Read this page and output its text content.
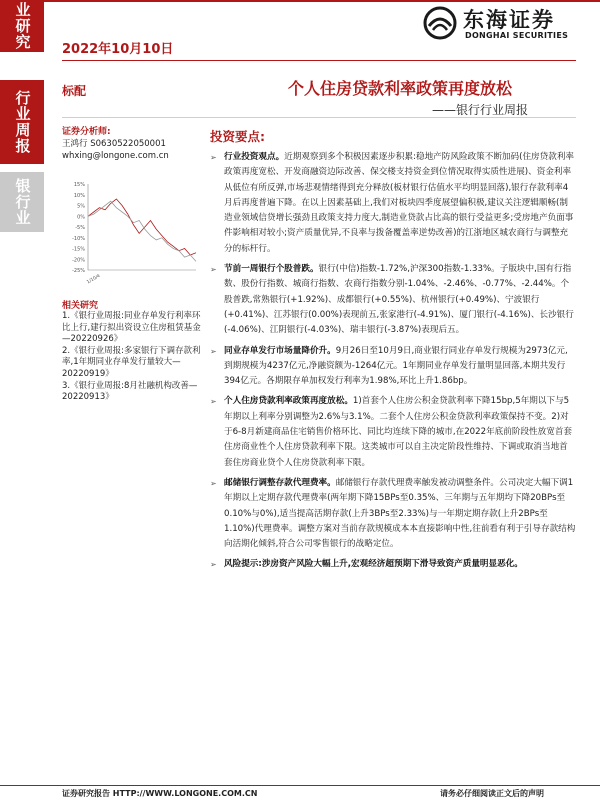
业研究
行业周报
银行业
2022年10月10日
东海证券
DONGHAI SECURITIES
标配	个人住房贷款利率政策再度放松
——银行行业周报
证券分析师:
王鸿行 S0630522050001
whxing@longone.com.cn
15%
10%
5%
0%
-5%
-10%
-15%
-20%
-25%
1/10/4
相关研究
1.《银行业周报:同业存单发行利率环比上行,建行拟出资设立住房租赁基金—20220926》
2.《银行业周报:多家银行下调存款利率,1年期同业存单发行量较大—20220919》
3.《银行业周报:8月社融机构改善—20220913》
投资要点:
➢ 行业投资观点。近期观察到多个积极因素逐步积累:稳地产防风险政策不断加码(住房贷款利率政策再度宽松、开发商融资边际改善、保交楼支持资金到位情况取得实质性进展)、资金利率从低位有所反弹,市场悲观情绪得到充分释放(板材银行估值水平均明显回落),银行存款利率4月后再度普遍下降。在以上因素基础上,我们对板块四季度展望偏积极,建议关注逻辑顺畅(制造业领域信贷增长强劲且政策支持力度大,制造业贷款占比高的银行受益更多;受房地产负面事件影响相对较小;资产质量优异,不良率与拨备覆盖率逆势改善)的江浙地区城农商行与调整充分的标杆行。
➢ 节前一周银行个股普跌。银行(中信)指数-1.72%,沪深300指数-1.33%。子版块中,国有行指数、股份行指数、城商行指数、农商行指数分别-1.04%、-2.46%、-0.77%、-2.44%。个股普跌,常熟银行(+1.92%)、成都银行(+0.55%)、杭州银行(+0.49%)、宁波银行(+0.41%)、江苏银行(0.00%)表现前五,张家港行(-4.91%)、厦门银行(-4.16%)、长沙银行(-4.06%)、江阴银行(-4.03%)、瑞丰银行(-3.87%)表现后五。
➢ 同业存单发行市场量降价升。9月26日至10月9日,商业银行同业存单发行规模为2973亿元,到期规模为4237亿元,净融资额为-1264亿元。1年期同业存单发行量明显回落,本期共发行394亿元。各期限存单加权发行利率为1.98%,环比上升1.86bp。
➢ 个人住房贷款利率政策再度放松。1)首套个人住房公积金贷款利率下降15bp,5年期以下与5年期以上利率分别调整为2.6%与3.1%。二套个人住房公积金贷款利率政策保持不变。2)对于6-8月新建商品住宅销售价格环比、同比均连续下降的城市,在2022年底前阶段性放宽首套住房商业性个人住房贷款利率下限。这类城市可以自主决定阶段性维持、下调或取消当地首套住房商业贷个人住房贷款利率下限。
➢ 邮储银行调整存款代理费率。邮储银行存款代理费率触发被动调整条件。公司决定大幅下调1年期以上定期存款代理费率(两年期下降15BPs至0.35%、三年期与五年期均下降20BPs至0.10%与0%),适当提高活期存款(上升3BPs至2.33%)与一年期定期存款(上升2BPs至1.10%)代理费率。调整方案对当前存款规模成本本直接影响中性,往前看有利于引导存款结构向活期化倾斜,符合公司零售银行的战略定位。
➢ 风险提示:涉房资产风险大幅上升,宏观经济超预期下滑导致资产质量明显恶化。
证券研究报告 HTTP://WWW.LONGONE.COM.CN	请务必仔细阅读正文后的声明
